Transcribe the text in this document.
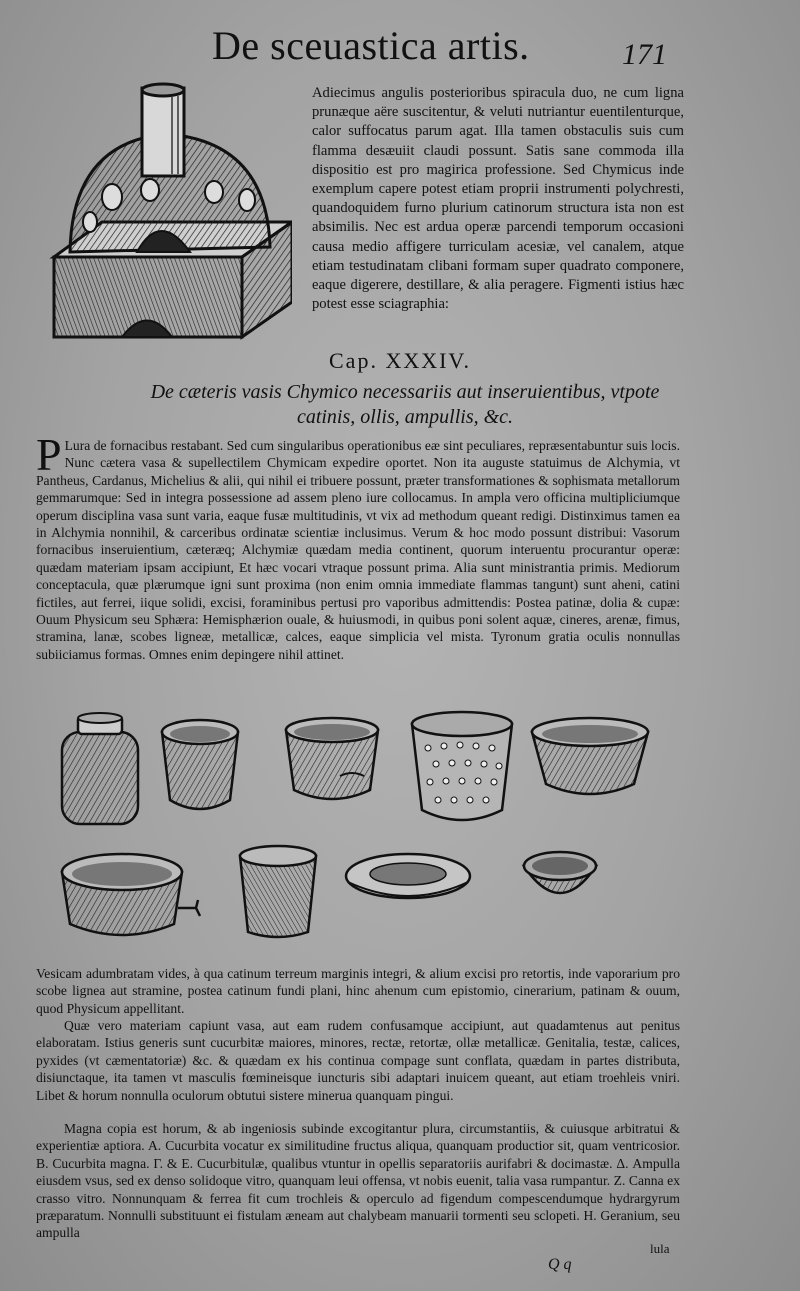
De sceuastica artis.	171

Adiecimus angulis posterioribus spiracula duo, ne cum ligna prunæque aëre suscitentur, & veluti nutriantur euentilenturque, calor suffocatus parum agat. Illa tamen obstaculis suis cum flamma desæuiit claudi possunt. Satis sane commoda illa dispositio est pro magirica professione. Sed Chymicus inde exemplum capere potest etiam proprii instrumenti polychresti, quandoquidem furno plurium catinorum structura ista non est absimilis. Nec est ardua operæ parcendi temporum occasioni causa medio affigere turriculam acesiæ, vel canalem, atque etiam testudinatam clibani formam super quadrato componere, eaque digerere, destillare, & alia peragere. Figmenti istius hæc potest esse sciagraphia:

Cap. XXXIV.
De cæteris vasis Chymico necessariis aut inseruientibus, vtpote
catinis, ollis, ampullis, &c.
P Lura de fornacibus restabant. Sed cum singularibus operationibus eæ sint peculiares, repræsentabuntur suis locis. Nunc cætera vasa & supellectilem Chymicam expedire oportet. Non ita auguste statuimus de Alchymia, vt Pantheus, Cardanus, Michelius & alii, qui nihil ei tribuere possunt, præter transformationes & sophismata metallorum gemmarumque: Sed in integra possessione ad assem pleno iure collocamus. In ampla vero officina multipliciumque operum disciplina vasa sunt varia, eaque fusæ multitudinis, vt vix ad methodum queant redigi. Distinximus tamen ea in Alchymia nonnihil, & carceribus ordinatæ scientiæ inclusimus. Verum & hoc modo possunt distribui: Vasorum fornacibus inseruientium, cæteræq; Alchymiæ quædam media continent, quorum interuentu procurantur operæ: quædam materiam ipsam accipiunt, Et hæc vocari vtraque possunt prima. Alia sunt ministrantia primis. Mediorum conceptacula, quæ plærumque igni sunt proxima (non enim omnia immediate flammas tangunt) sunt aheni, catini fictiles, aut ferrei, iique solidi, excisi, foraminibus pertusi pro vaporibus admittendis: Postea patinæ, dolia & cupæ: Ouum Physicum seu Sphæra: Hemisphærion ouale, & huiusmodi, in quibus poni solent aquæ, cineres, arenæ, fimus, stramina, lanæ, scobes ligneæ, metallicæ, calces, eaque simplicia vel mista. Tyronum gratia oculis nonnullas subiiciamus formas. Omnes enim depingere nihil attinet.
Vesicam adumbratam vides, à qua catinum terreum marginis integri, & alium excisi pro retortis, inde vaporarium pro scobe lignea aut stramine, postea catinum fundi plani, hinc ahenum cum epistomio, cinerarium, patinam & ouum, quod Physicum appellitant.
Quæ vero materiam capiunt vasa, aut eam rudem confusamque accipiunt, aut quadamtenus aut penitus elaboratam. Istius generis sunt cucurbitæ maiores, minores, rectæ, retortæ, ollæ metallicæ. Genitalia, testæ, calices, pyxides (vt cæmentatoriæ) &c. & quædam ex his continua compage sunt conflata, quædam in partes distributa, disiunctaque, ita tamen vt masculis fœmineisque iuncturis sibi adaptari inuicem queant, aut etiam troehleis vniri. Libet & horum nonnulla oculorum obtutui sistere minerua quanquam pingui.
Magna copia est horum, & ab ingeniosis subinde excogitantur plura, circumstantiis, & cuiusque arbitratui & experientiæ aptiora. A. Cucurbita vocatur ex similitudine fructus aliqua, quanquam productior sit, quam ventricosior. B. Cucurbita magna. Γ. & Ε. Cucurbitulæ, qualibus vtuntur in opellis separatoriis aurifabri & docimastæ. Δ. Ampulla eiusdem vsus, sed ex denso solidoque vitro, quanquam leui offensa, vt nobis euenit, talia vasa rumpantur. Z. Canna ex crasso vitro. Nonnunquam & ferrea fit cum trochleis & operculo ad figendum compescendumque hydrargyrum præparatum. Nonnulli substituunt ei fistulam æneam aut chalybeam manuarii tormenti seu sclopeti. H. Geranium, seu ampulla
Q q
lula
